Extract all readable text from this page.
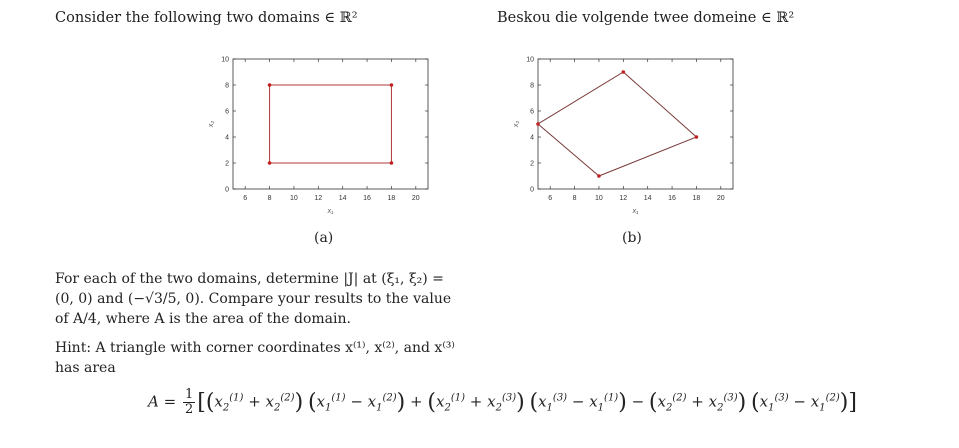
Consider the following two domains ∈ ℝ²	Beskou die volgende twee domeine ∈ ℝ²
6	8	10 12 14 16 18 20
0
2
4
6
8
10
x₁
x₂
6	8	10 12 14 16 18 20
0
2
4
6
8
10
x₁
x₂
(a)	(b)
For each of the two domains, determine |J| at (ξ₁, ξ₂) =
(0, 0) and (−√3/5, 0). Compare your results to the value
of A/4, where A is the area of the domain.
Hint: A triangle with corner coordinates x⁽¹⁾, x⁽²⁾, and x⁽³⁾
has area
$A = \frac{1}{2} [(x_2^{(1)} + x_2^{(2)}) (x_1^{(1)} - x_1^{(2)}) + (x_2^{(1)} + x_2^{(3)}) (x_1^{(3)} - x_1^{(1)}) - (x_2^{(2)} + x_2^{(3)}) (x_1^{(3)} - x_1^{(2)})]$
